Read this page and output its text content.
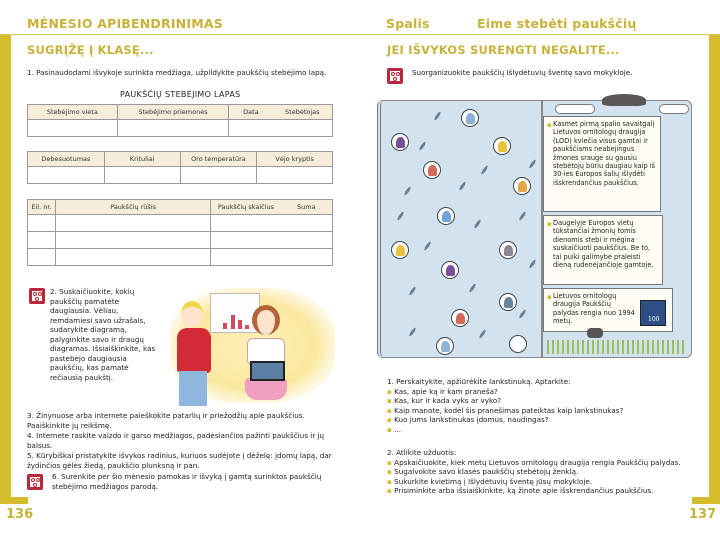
MĖNESIO APIBENDRINIMAS
SUGRĮŽĘ Į KLASĘ...
1. Pasinaudodami išvykoje surinkta medžiaga, užpildykite paukščių stebėjimo lapą.
PAUKŠČIŲ STEBĖJIMO LAPAS
Stebėjimo vieta	Stebėjimo priemonės	Data	Stebėtojas

Debesuotumas	Krituliai	Oro temperatūra	Vėjo kryptis

Eil. nr.	Paukščių rūšis	Paukščių skaičius	Suma

2. Suskaičiuokite, kokių paukščių pamatėte daugiausia. Vėliau, remdamiesi savo užrašais, sudarykite diagramą, palyginkite savo ir draugų diagramas. Išsiaiškinkite, kas pastebėjo daugiausia paukščių, kas pamatė rečiausią paukštį.
3. Žinynuose arba internete paieškokite patarlių ir priežodžių apie paukščius. Paaiškinkite jų reikšmę.
4. Internete raskite vaizdo ir garso medžiagos, padėsiančios pažinti paukščius ir jų balsus.
5. Kūrybiškai pristatykite išvykos radinius, kuriuos sudėjote į dėželę: įdomų lapą, dar žydinčios gėlės žiedą, paukščio plunksną ir pan.
6. Surenkite per šio mėnesio pamokas ir išvyką į gamtą surinktos paukščių stebėjimo medžiagos parodą.
136
Spalis	Eime stebėti paukščių
JEI IŠVYKOS SURENGTI NEGALITE...
Suorganizuokite paukščių Išlydėtuvių šventę savo mokykloje.
▪ Kasmet pirmą spalio savaitgalį Lietuvos ornitologų draugija (LOD) kviečia visus gamtai ir paukščiams neabejingus žmones sraugе su gausiu stebėtojų būriu daugiau kaip iš 30-ies Europos šalių išlydėti išskrendančius paukščius.
▪ Daugelyje Europos vietų tūkstančiai žmonių tomis dienomis stebi ir mėgina suskaičiuoti paukščius. Be to, tai puiki galimybė praleisti dieną rudenėjančioje gamtoje.
▪ Lietuvos ornitologų draugija Paukščių palydas rengia nuo 1994 metų.	100
1. Perskaitykite, apžiūrėkite lankstinuką. Aptarkite:
▪ Kas, apie ką ir kam praneša?
▪ Kas, kur ir kada vyks ar vyko?
▪ Kaip manote, kodėl šis pranešimas pateiktas kaip lankstinukas?
▪ Kuo jums lankstinukas įdomus, naudingas?
▪ ...
2. Atlikite užduotis:
▪ Apskaičiuokite, kiek metų Lietuvos ornitologų draugija rengia Paukščių palydas.
▪ Sugalvokite savo klasės paukščių stebėtojų ženklą.
▪ Sukurkite kvietimą į Išlydėtuvių šventę jūsų mokykloje.
▪ Prisiminkite arba išsiaiškinkite, ką žinote apie išskrendančius paukščius.
137
